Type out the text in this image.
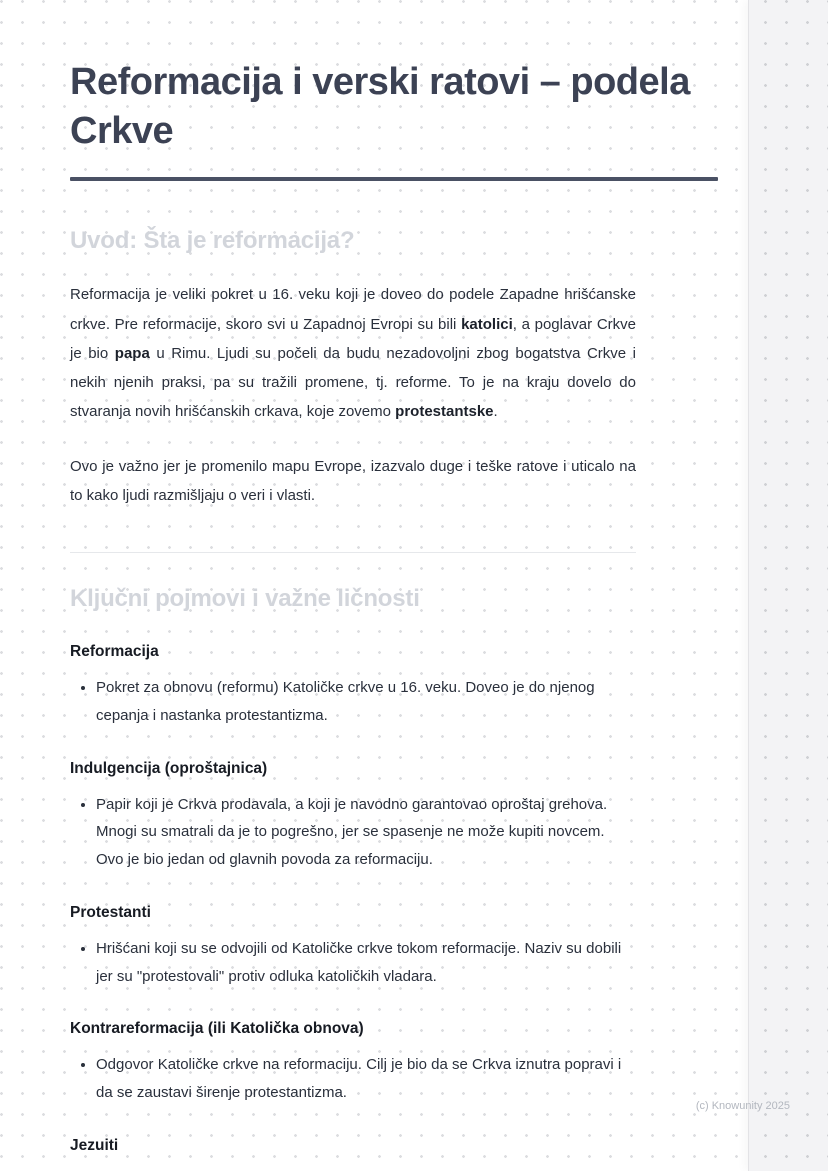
Reformacija i verski ratovi – podela Crkve
Uvod: Šta je reformacija?

Reformacija je veliki pokret u 16. veku koji je doveo do podele Zapadne hrišćanske crkve. Pre reformacije, skoro svi u Zapadnoj Evropi su bili katolici, a poglavar Crkve je bio papa u Rimu. Ljudi su počeli da budu nezadovoljni zbog bogatstva Crkve i nekih njenih praksi, pa su tražili promene, tj. reforme. To je na kraju dovelo do stvaranja novih hrišćanskih crkava, koje zovemo protestantske.

Ovo je važno jer je promenilo mapu Evrope, izazvalo duge i teške ratove i uticalo na to kako ljudi razmišljaju o veri i vlasti.

Ključni pojmovi i važne ličnosti
Reformacija
• Pokret za obnovu (reformu) Katoličke crkve u 16. veku. Doveo je do njenog cepanja i nastanka protestantizma.
Indulgencija (oproštajnica)
• Papir koji je Crkva prodavala, a koji je navodno garantovao oproštaj grehova. Mnogi su smatrali da je to pogrešno, jer se spasenje ne može kupiti novcem. Ovo je bio jedan od glavnih povoda za reformaciju.
Protestanti
• Hrišćani koji su se odvojili od Katoličke crkve tokom reformacije. Naziv su dobili jer su "protestovali" protiv odluka katoličkih vladara.
Kontrareformacija (ili Katolička obnova)
• Odgovor Katoličke crkve na reformaciju. Cilj je bio da se Crkva iznutra popravi i da se zaustavi širenje protestantizma.
Jezuiti
(c) Knowunity 2025
